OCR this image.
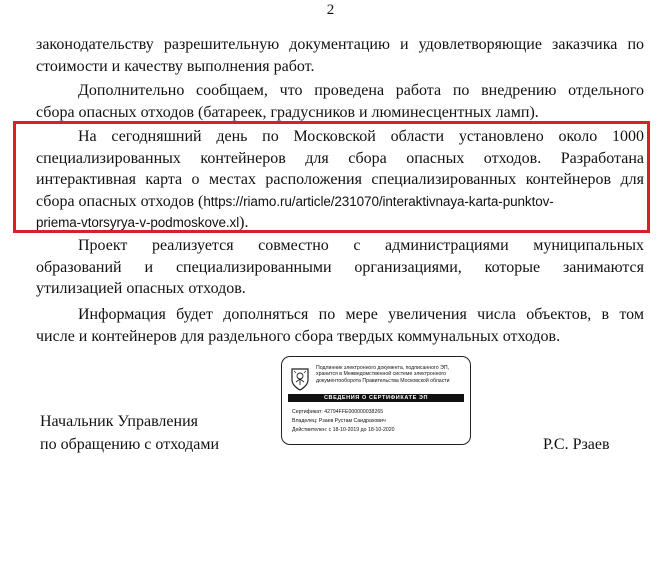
2

законодательству разрешительную документацию и удовлетворяющие заказчика по
стоимости и качеству выполнения работ.

Дополнительно сообщаем, что проведена работа по внедрению отдельного
сбора опасных отходов (батареек, градусников и люминесцентных ламп).

На сегодняшний день по Московской области установлено около 1000
специализированных контейнеров для сбора опасных отходов. Разработана
интерактивная карта о местах расположения специализированных контейнеров для
сбора опасных отходов (https://riamo.ru/article/231070/interaktivnaya-karta-punktov-
priema-vtorsyrya-v-podmoskove.xl).

Проект реализуется совместно с администрациями муниципальных
образований и специализированными организациями, которые занимаются
утилизацией опасных отходов.

Информация будет дополняться по мере увеличения числа объектов, в том
числе и контейнеров для раздельного сбора твердых коммунальных отходов.

Начальник Управления
по обращению с отходами	Р.С. Рзаев
Подлинник электронного документа, подписанного ЭП,
хранится в Межведомственной системе электронного
документооборота Правительства Московской области
СВЕДЕНИЯ О СЕРТИФИКАТЕ ЭП
Сертификат: 42794FFE000000038265
Владелец: Рзаев Рустам Саидрахович
Действителен: с 18-10-2019 до 18-10-2020
